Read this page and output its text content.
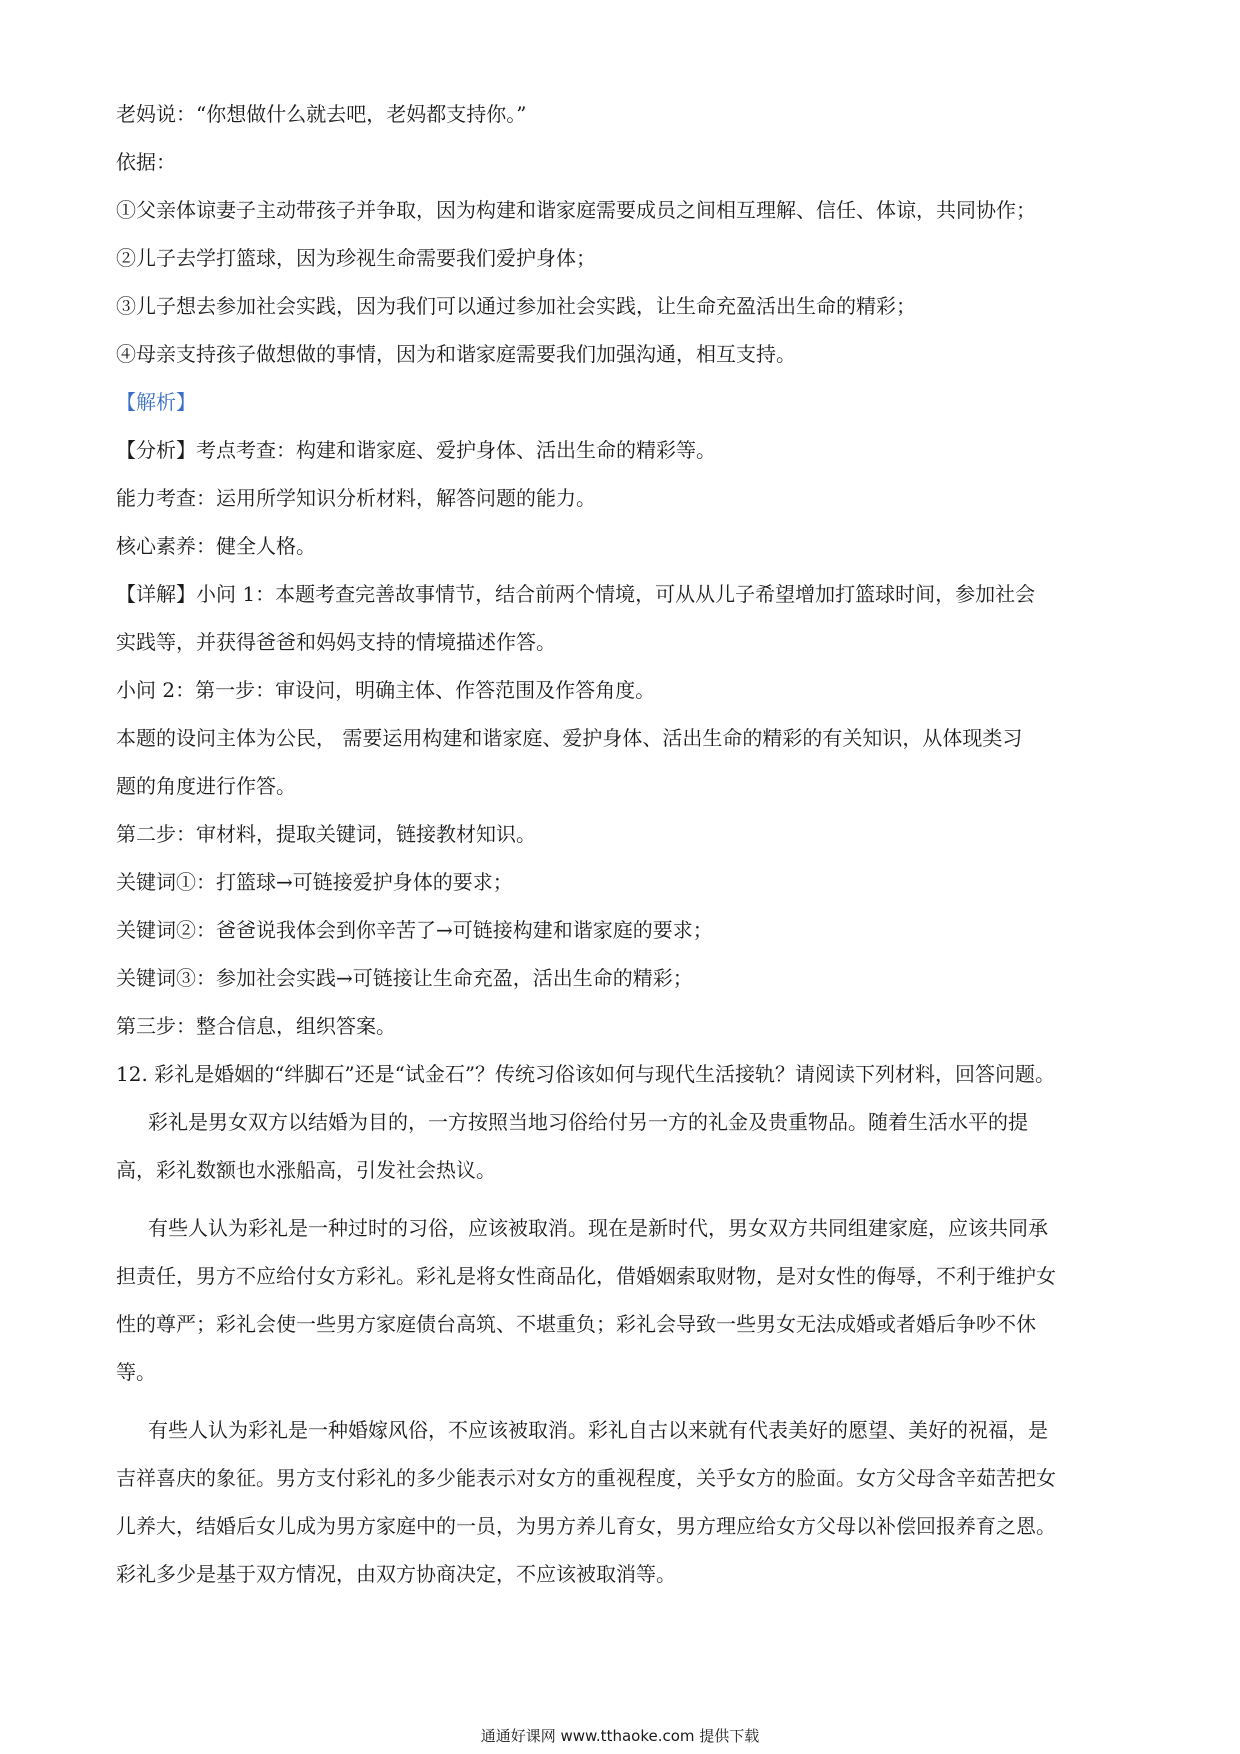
老妈说：“你想做什么就去吧，老妈都支持你。”

依据：

①父亲体谅妻子主动带孩子并争取，因为构建和谐家庭需要成员之间相互理解、信任、体谅，共同协作；

②儿子去学打篮球，因为珍视生命需要我们爱护身体；

③儿子想去参加社会实践，因为我们可以通过参加社会实践，让生命充盈活出生命的精彩；

④母亲支持孩子做想做的事情，因为和谐家庭需要我们加强沟通，相互支持。

【解析】

【分析】考点考查：构建和谐家庭、爱护身体、活出生命的精彩等。

能力考查：运用所学知识分析材料，解答问题的能力。

核心素养：健全人格。

【详解】小问 1：本题考查完善故事情节，结合前两个情境，可从从儿子希望增加打篮球时间，参加社会

实践等，并获得爸爸和妈妈支持的情境描述作答。

小问 2：第一步：审设问，明确主体、作答范围及作答角度。

本题的设问主体为公民， 需要运用构建和谐家庭、爱护身体、活出生命的精彩的有关知识，从体现类习

题的角度进行作答。

第二步：审材料，提取关键词，链接教材知识。

关键词①：打篮球→可链接爱护身体的要求；

关键词②：爸爸说我体会到你辛苦了→可链接构建和谐家庭的要求；

关键词③：参加社会实践→可链接让生命充盈，活出生命的精彩；

第三步：整合信息，组织答案。

12. 彩礼是婚姻的“绊脚石”还是“试金石”？传统习俗该如何与现代生活接轨？请阅读下列材料，回答问题。

彩礼是男女双方以结婚为目的，一方按照当地习俗给付另一方的礼金及贵重物品。随着生活水平的提

高，彩礼数额也水涨船高，引发社会热议。

有些人认为彩礼是一种过时的习俗，应该被取消。现在是新时代，男女双方共同组建家庭，应该共同承

担责任，男方不应给付女方彩礼。彩礼是将女性商品化，借婚姻索取财物，是对女性的侮辱，不利于维护女

性的尊严；彩礼会使一些男方家庭债台高筑、不堪重负；彩礼会导致一些男女无法成婚或者婚后争吵不休

等。

有些人认为彩礼是一种婚嫁风俗，不应该被取消。彩礼自古以来就有代表美好的愿望、美好的祝福，是

吉祥喜庆的象征。男方支付彩礼的多少能表示对女方的重视程度，关乎女方的脸面。女方父母含辛茹苦把女

儿养大，结婚后女儿成为男方家庭中的一员，为男方养儿育女，男方理应给女方父母以补偿回报养育之恩。

彩礼多少是基于双方情况，由双方协商决定，不应该被取消等。

通通好课网 www.tthaoke.com 提供下载
